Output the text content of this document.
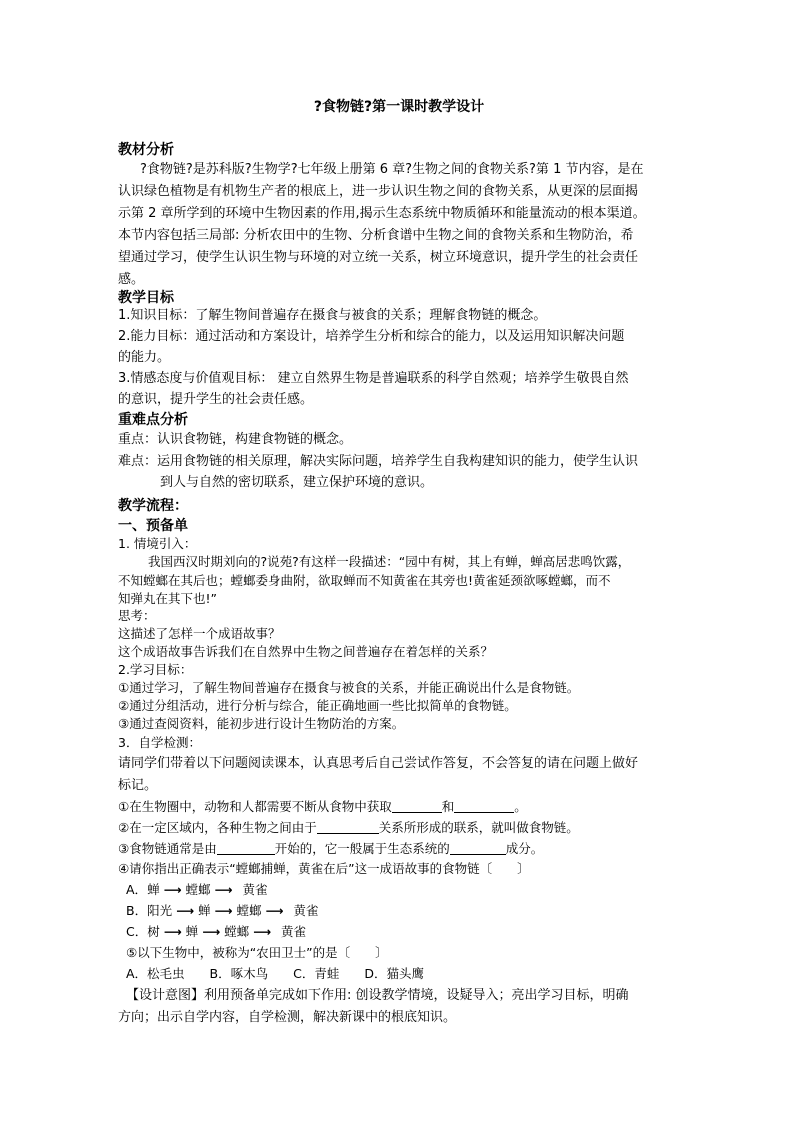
?食物链?第一课时教学设计
教材分析
?食物链?是苏科版?生物学?七年级上册第 6 章?生物之间的食物关系?第 1 节内容，是在
认识绿色植物是有机物生产者的根底上，进一步认识生物之间的食物关系，从更深的层面揭
示第 2 章所学到的环境中生物因素的作用,揭示生态系统中物质循环和能量流动的根本渠道。
本节内容包括三局部: 分析农田中的生物、分析食谱中生物之间的食物关系和生物防治，希
望通过学习，使学生认识生物与环境的对立统一关系，树立环境意识，提升学生的社会责任
感。
教学目标
1.知识目标：了解生物间普遍存在摄食与被食的关系；理解食物链的概念。
2.能力目标：通过活动和方案设计，培养学生分析和综合的能力，以及运用知识解决问题
的能力。
3.情感态度与价值观目标： 建立自然界生物是普遍联系的科学自然观；培养学生敬畏自然
的意识，提升学生的社会责任感。
重难点分析
重点：认识食物链，构建食物链的概念。
难点：运用食物链的相关原理，解决实际问题，培养学生自我构建知识的能力，使学生认识
到人与自然的密切联系，建立保护环境的意识。
教学流程：
一、预备单
1. 情境引入：
我国西汉时期刘向的?说苑?有这样一段描述：“园中有树，其上有蝉，蝉高居悲鸣饮露，
不知螳螂在其后也；螳螂委身曲附，欲取蝉而不知黄雀在其旁也!黄雀延颈欲啄螳螂，而不
知弹丸在其下也!”
思考：
这描述了怎样一个成语故事？
这个成语故事告诉我们在自然界中生物之间普遍存在着怎样的关系？
2.学习目标：
①通过学习，了解生物间普遍存在摄食与被食的关系，并能正确说出什么是食物链。
②通过分组活动，进行分析与综合，能正确地画一些比拟简单的食物链。
③通过查阅资料，能初步进行设计生物防治的方案。
3．自学检测：
请同学们带着以下问题阅读课本，认真思考后自己尝试作答复，不会答复的请在问题上做好
标记。
①在生物圈中，动物和人都需要不断从食物中获取	和	。
②在一定区域内，各种生物之间由于	关系所形成的联系，就叫做食物链。
③食物链通常是由	开始的，它一般属于生态系统的	成分。
④请你指出正确表示“螳螂捕蝉，黄雀在后”这一成语故事的食物链〔　　〕
A．蝉 ⟶ 螳螂 ⟶ 黄雀
B．阳光 ⟶ 蝉 ⟶ 螳螂 ⟶ 黄雀
C．树 ⟶ 蝉 ⟶ 螳螂 ⟶ 黄雀
⑤以下生物中，被称为“农田卫士”的是〔　　〕
A．松毛虫　　B．啄木鸟　　C．青蛙　　D．猫头鹰
【设计意图】利用预备单完成如下作用: 创设教学情境，设疑导入；亮出学习目标，明确
方向；出示自学内容，自学检测，解决新课中的根底知识。
